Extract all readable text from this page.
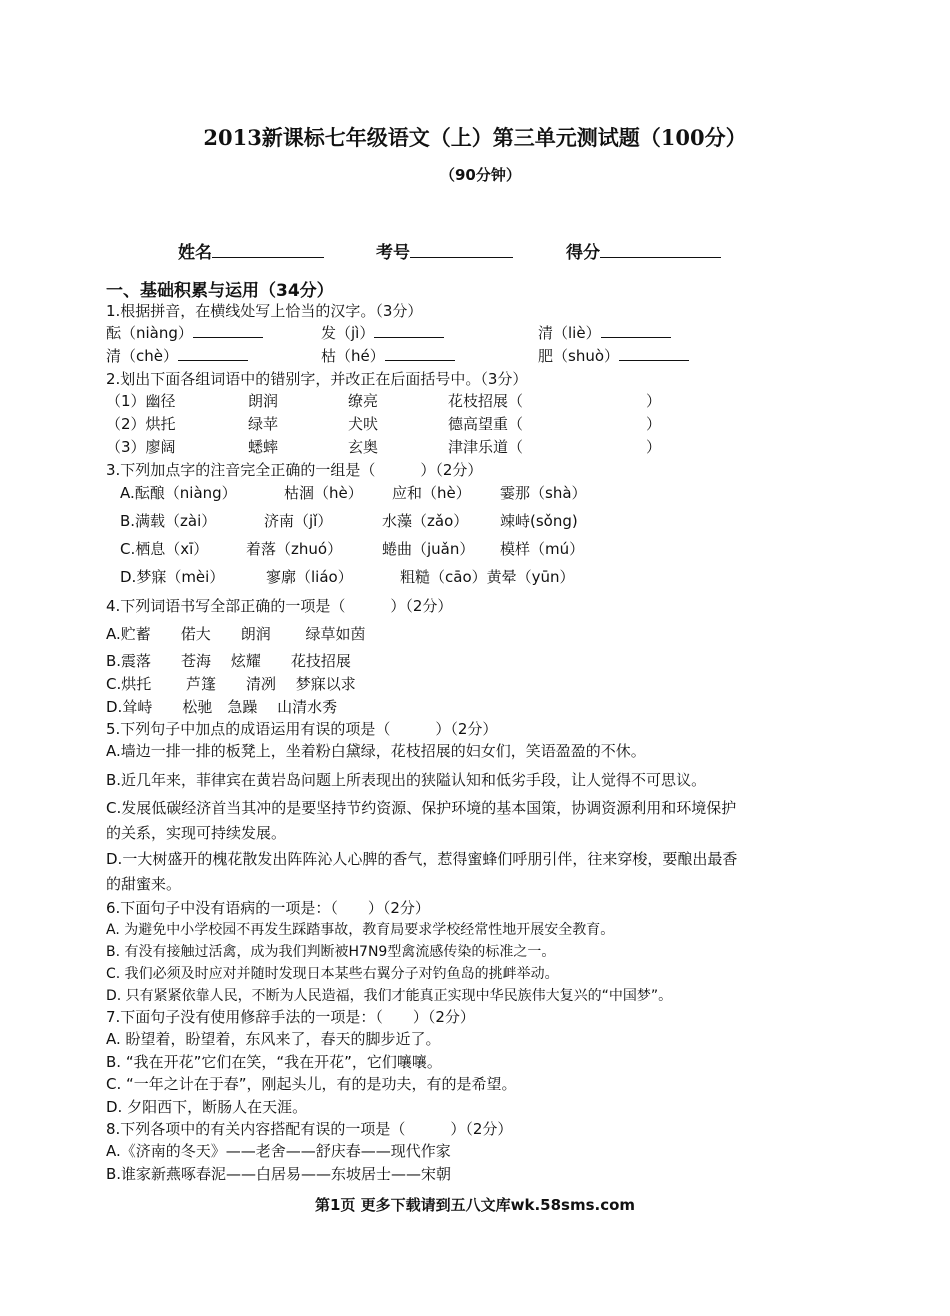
2013新课标七年级语文（上）第三单元测试题（100分）
（90分钟）
姓名	考号	得分
一、基础积累与运用（34分）
1.根据拼音，在横线处写上恰当的汉字。（3分）
酝（niàng）	发（jì）	清（liè）
清（chè）	枯（hé）	肥（shuò）
2.划出下面各组词语中的错别字，并改正在后面括号中。（3分）
（1）幽径	朗润	缭亮	花枝招展（	）
（2）烘托	绿苹	犬吠	德高望重（	）
（3）廖阔	蟋蟀	玄奥	津津乐道（	）
3.下列加点字的注音完全正确的一组是（　　　）（2分）
A.酝酿（niàng）	枯涸（hè） 应和（hè） 霎那（shà）
B.满载（zài）	济南（jǐ）	水藻（zǎo） 竦峙(sǒng)
C.栖息（xī）	着落（zhuó）	蜷曲（juǎn） 模样（mú）
D.梦寐（mèi）	寥廓（liáo）	粗糙（cāo）黄晕（yūn）
4.下列词语书写全部正确的一项是（　　　）（2分）
A.贮蓄　　偌大　　朗润　　 绿草如茵
B.震落　　苍海　 炫耀　　花技招展
C.烘托　　 芦篷　　清冽　 梦寐以求
D.耸峙　　松驰　急躁　 山清水秀
5.下列句子中加点的成语运用有误的项是（　　　）（2分）
A.墙边一排一排的板凳上，坐着粉白黛绿，花枝招展的妇女们，笑语盈盈的不休。
B.近几年来，菲律宾在黄岩岛问题上所表现出的狭隘认知和低劣手段，让人觉得不可思议。
C.发展低碳经济首当其冲的是要坚持节约资源、保护环境的基本国策，协调资源利用和环境保护
的关系，实现可持续发展。
D.一大树盛开的槐花散发出阵阵沁人心脾的香气，惹得蜜蜂们呼朋引伴，往来穿梭，要酿出最香
的甜蜜来。
6.下面句子中没有语病的一项是：（　　）（2分）
A. 为避免中小学校园不再发生踩踏事故，教育局要求学校经常性地开展安全教育。
B. 有没有接触过活禽，成为我们判断被H7N9型禽流感传染的标准之一。
C. 我们必须及时应对并随时发现日本某些右翼分子对钓鱼岛的挑衅举动。
D. 只有紧紧依靠人民，不断为人民造福，我们才能真正实现中华民族伟大复兴的“中国梦”。
7.下面句子没有使用修辞手法的一项是：（　　）（2分）
A. 盼望着，盼望着，东风来了，春天的脚步近了。
B. “我在开花”它们在笑，“我在开花”，它们嚷嚷。
C. “一年之计在于春”，刚起头儿，有的是功夫，有的是希望。
D. 夕阳西下，断肠人在天涯。
8.下列各项中的有关内容搭配有误的一项是（　　　）（2分）
A.《济南的冬天》——老舍——舒庆春——现代作家
B.谁家新燕啄春泥——白居易——东坡居士——宋朝
第1页 更多下载请到五八文库wk.58sms.com
